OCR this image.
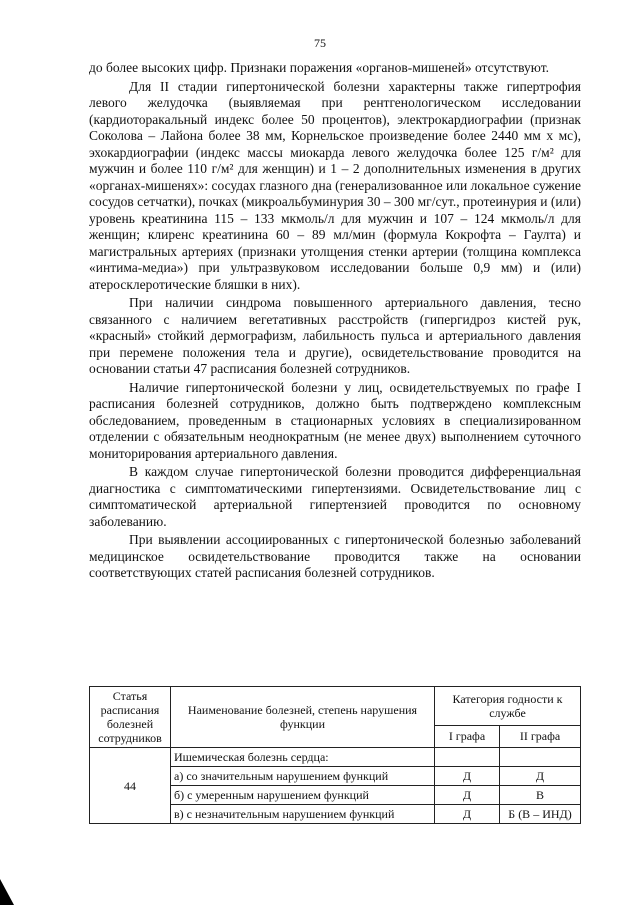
75

до более высоких цифр. Признаки поражения «органов-мишеней» отсутствуют.

Для II стадии гипертонической болезни характерны также гипертрофия левого желудочка (выявляемая при рентгенологическом исследовании (кардиоторакальный индекс более 50 процентов), электрокардиографии (признак Соколова – Лайона более 38 мм, Корнельское произведение более 2440 мм х мс), эхокардиографии (индекс массы миокарда левого желудочка более 125 г/м² для мужчин и более 110 г/м² для женщин) и 1 – 2 дополнительных изменения в других «органах-мишенях»: сосудах глазного дна (генерализованное или локальное сужение сосудов сетчатки), почках (микроальбуминурия 30 – 300 мг/сут., протеинурия и (или) уровень креатинина 115 – 133 мкмоль/л для мужчин и 107 – 124 мкмоль/л для женщин; клиренс креатинина 60 – 89 мл/мин (формула Кокрофта – Гаулта) и магистральных артериях (признаки утолщения стенки артерии (толщина комплекса «интима-медиа») при ультразвуковом исследовании больше 0,9 мм) и (или) атеросклеротические бляшки в них).

При наличии синдрома повышенного артериального давления, тесно связанного с наличием вегетативных расстройств (гипергидроз кистей рук, «красный» стойкий дермографизм, лабильность пульса и артериального давления при перемене положения тела и другие), освидетельствование проводится на основании статьи 47 расписания болезней сотрудников.

Наличие гипертонической болезни у лиц, освидетельствуемых по графе I расписания болезней сотрудников, должно быть подтверждено комплексным обследованием, проведенным в стационарных условиях в специализированном отделении с обязательным неоднократным (не менее двух) выполнением суточного мониторирования артериального давления.

В каждом случае гипертонической болезни проводится дифференциальная диагностика с симптоматическими гипертензиями. Освидетельствование лиц с симптоматической артериальной гипертензией проводится по основному заболеванию.

При выявлении ассоциированных с гипертонической болезнью заболеваний медицинское освидетельствование проводится также на основании соответствующих статей расписания болезней сотрудников.

Статья расписания болезней сотрудников	Наименование болезней, степень нарушения функции	Категория годности к службе	
		I графа	II графа
44	Ишемическая болезнь сердца:		
	а) со значительным нарушением функций	Д	Д
	б) с умеренным нарушением функций	Д	В
	в) с незначительным нарушением функций	Д	Б (В – ИНД)
